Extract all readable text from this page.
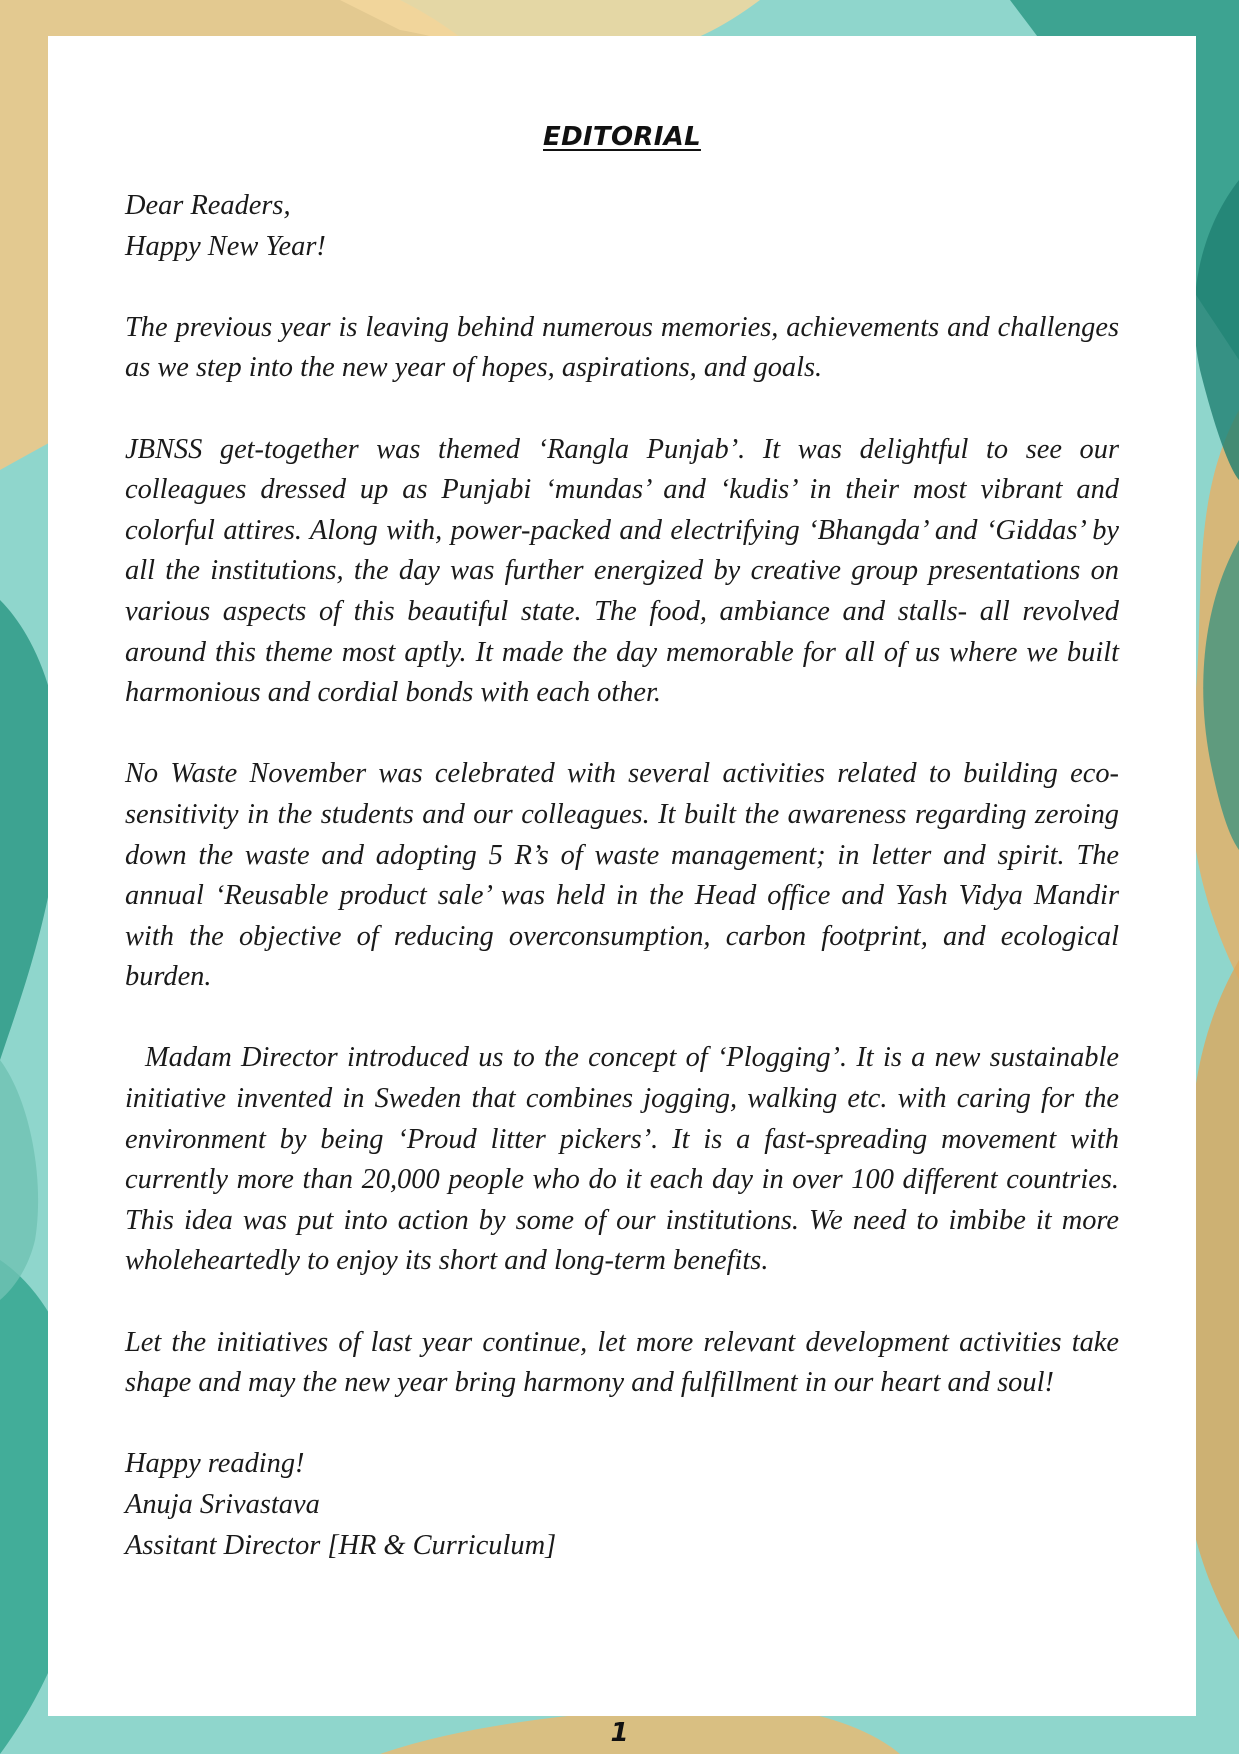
EDITORIAL

Dear Readers,

Happy New Year!

The previous year is leaving behind numerous memories, achievements and challenges as we step into the new year of hopes, aspirations, and goals.

JBNSS get-together was themed ‘Rangla Punjab’. It was delightful to see our colleagues dressed up as Punjabi ‘mundas’ and ‘kudis’ in their most vibrant and colorful attires. Along with, power-packed and electrifying ‘Bhangda’ and ‘Giddas’ by all the institutions, the day was further energized by creative group presentations on various aspects of this beautiful state. The food, ambiance and stalls- all revolved around this theme most aptly. It made the day memorable for all of us where we built harmonious and cordial bonds with each other.

No Waste November was celebrated with several activities related to building eco-sensitivity in the students and our colleagues. It built the awareness regarding zeroing down the waste and adopting 5 R’s of waste management; in letter and spirit. The annual ‘Reusable product sale’ was held in the Head office and Yash Vidya Mandir with the objective of reducing overconsumption, carbon footprint, and ecological burden.

Madam Director introduced us to the concept of ‘Plogging’. It is a new sustainable initiative invented in Sweden that combines jogging, walking etc. with caring for the environment by being ‘Proud litter pickers’. It is a fast-spreading movement with currently more than 20,000 people who do it each day in over 100 different countries. This idea was put into action by some of our institutions. We need to imbibe it more wholeheartedly to enjoy its short and long-term benefits.

Let the initiatives of last year continue, let more relevant development activities take shape and may the new year bring harmony and fulfillment in our heart and soul!

Happy reading!

Anuja Srivastava

Assitant Director [HR & Curriculum]

1
